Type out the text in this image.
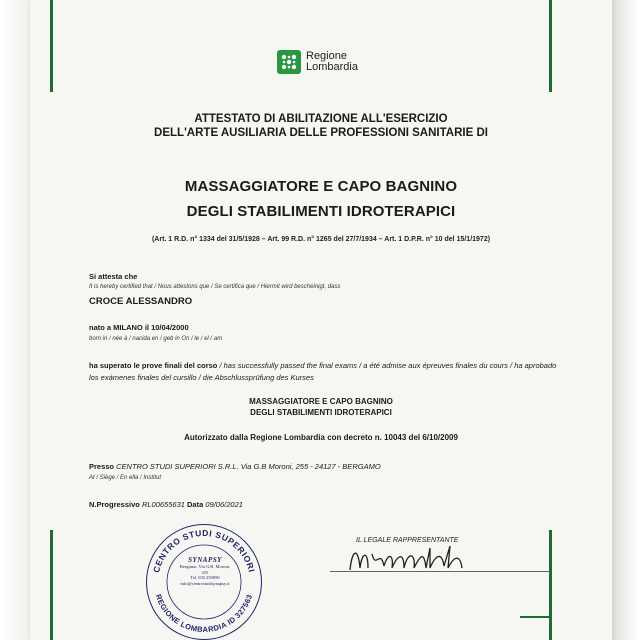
Regione
Lombardia
ATTESTATO DI ABILITAZIONE ALL'ESERCIZIO
DELL'ARTE AUSILIARIA DELLE PROFESSIONI SANITARIE DI
MASSAGGIATORE E CAPO BAGNINO
DEGLI STABILIMENTI IDROTERAPICI
(Art. 1 R.D. n° 1334 del 31/5/1928 – Art. 99 R.D. n° 1265 del 27/7/1934 – Art. 1 D.P.R. n° 10 del 15/1/1972)
Si attesta che
It is hereby certified that / Nous attestons que / Se certifica que / Hiermit wird bescheinigt, dass
CROCE ALESSANDRO
nato a MILANO il 10/04/2000
born in / née à / nacida en / geb in On / le / el / am
ha superato le prove finali del corso / has successfully passed the final exams / a été admise aux épreuves finales du cours / ha aprobado
los exámenes finales del cursillo / die Abschlussprüfung des Kurses
MASSAGGIATORE E CAPO BAGNINO
DEGLI STABILIMENTI IDROTERAPICI
Autorizzato dalla Regione Lombardia con decreto n. 10043 del 6/10/2009
Presso CENTRO STUDI SUPERIORI S.R.L. Via G.B Moroni, 255 - 24127 - BERGAMO
At / Siège / En ella / Institut
N.Progressivo RL00655631 Data 09/06/2021
IL LEGALE RAPPRESENTANTE
CENTRO STUDI SUPERIORI
REGIONE LOMBARDIA ID 327563
SYNAPSY
Bergamo, Via G.B. Moroni, 255
Tel. 035.259090
info@centrostudisynapsy.it
